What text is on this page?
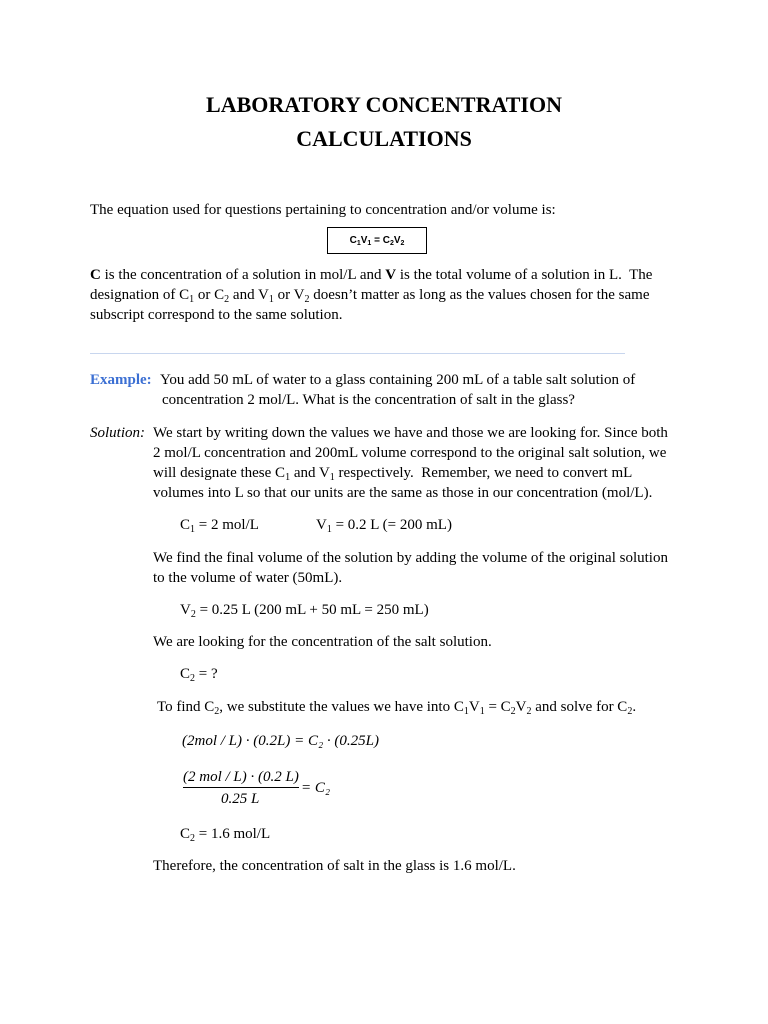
LABORATORY CONCENTRATION
CALCULATIONS
The equation used for questions pertaining to concentration and/or volume is:
$C_1V_1 = C_2V_2$
C is the concentration of a solution in mol/L and V is the total volume of a solution in L.  The
designation of $C_1$ or $C_2$ and $V_1$ or $V_2$ doesn’t matter as long as the values chosen for the same
subscript correspond to the same solution.
Example: You add 50 mL of water to a glass containing 200 mL of a table salt solution of
concentration 2 mol/L. What is the concentration of salt in the glass?
Solution: We start by writing down the values we have and those we are looking for. Since both
2 mol/L concentration and 200mL volume correspond to the original salt solution, we
will designate these $C_1$ and $V_1$ respectively.  Remember, we need to convert mL
volumes into L so that our units are the same as those in our concentration (mol/L).
$C_1 = 2$ mol/L	$V_1 = 0.2$ L (= 200 mL)
We find the final volume of the solution by adding the volume of the original solution
to the volume of water (50mL).
$V_2 = 0.25$ L (200 mL + 50 mL = 250 mL)
We are looking for the concentration of the salt solution.
$C_2$ = ?
To find $C_2$, we substitute the values we have into $C_1V_1 = C_2V_2$ and solve for $C_2$.
(2mol / L) · (0.2L) = C₂ · (0.25L)
(2 mol / L) · (0.2 L)
0.25 L
= C₂
$C_2 = 1.6$ mol/L
Therefore, the concentration of salt in the glass is 1.6 mol/L.
